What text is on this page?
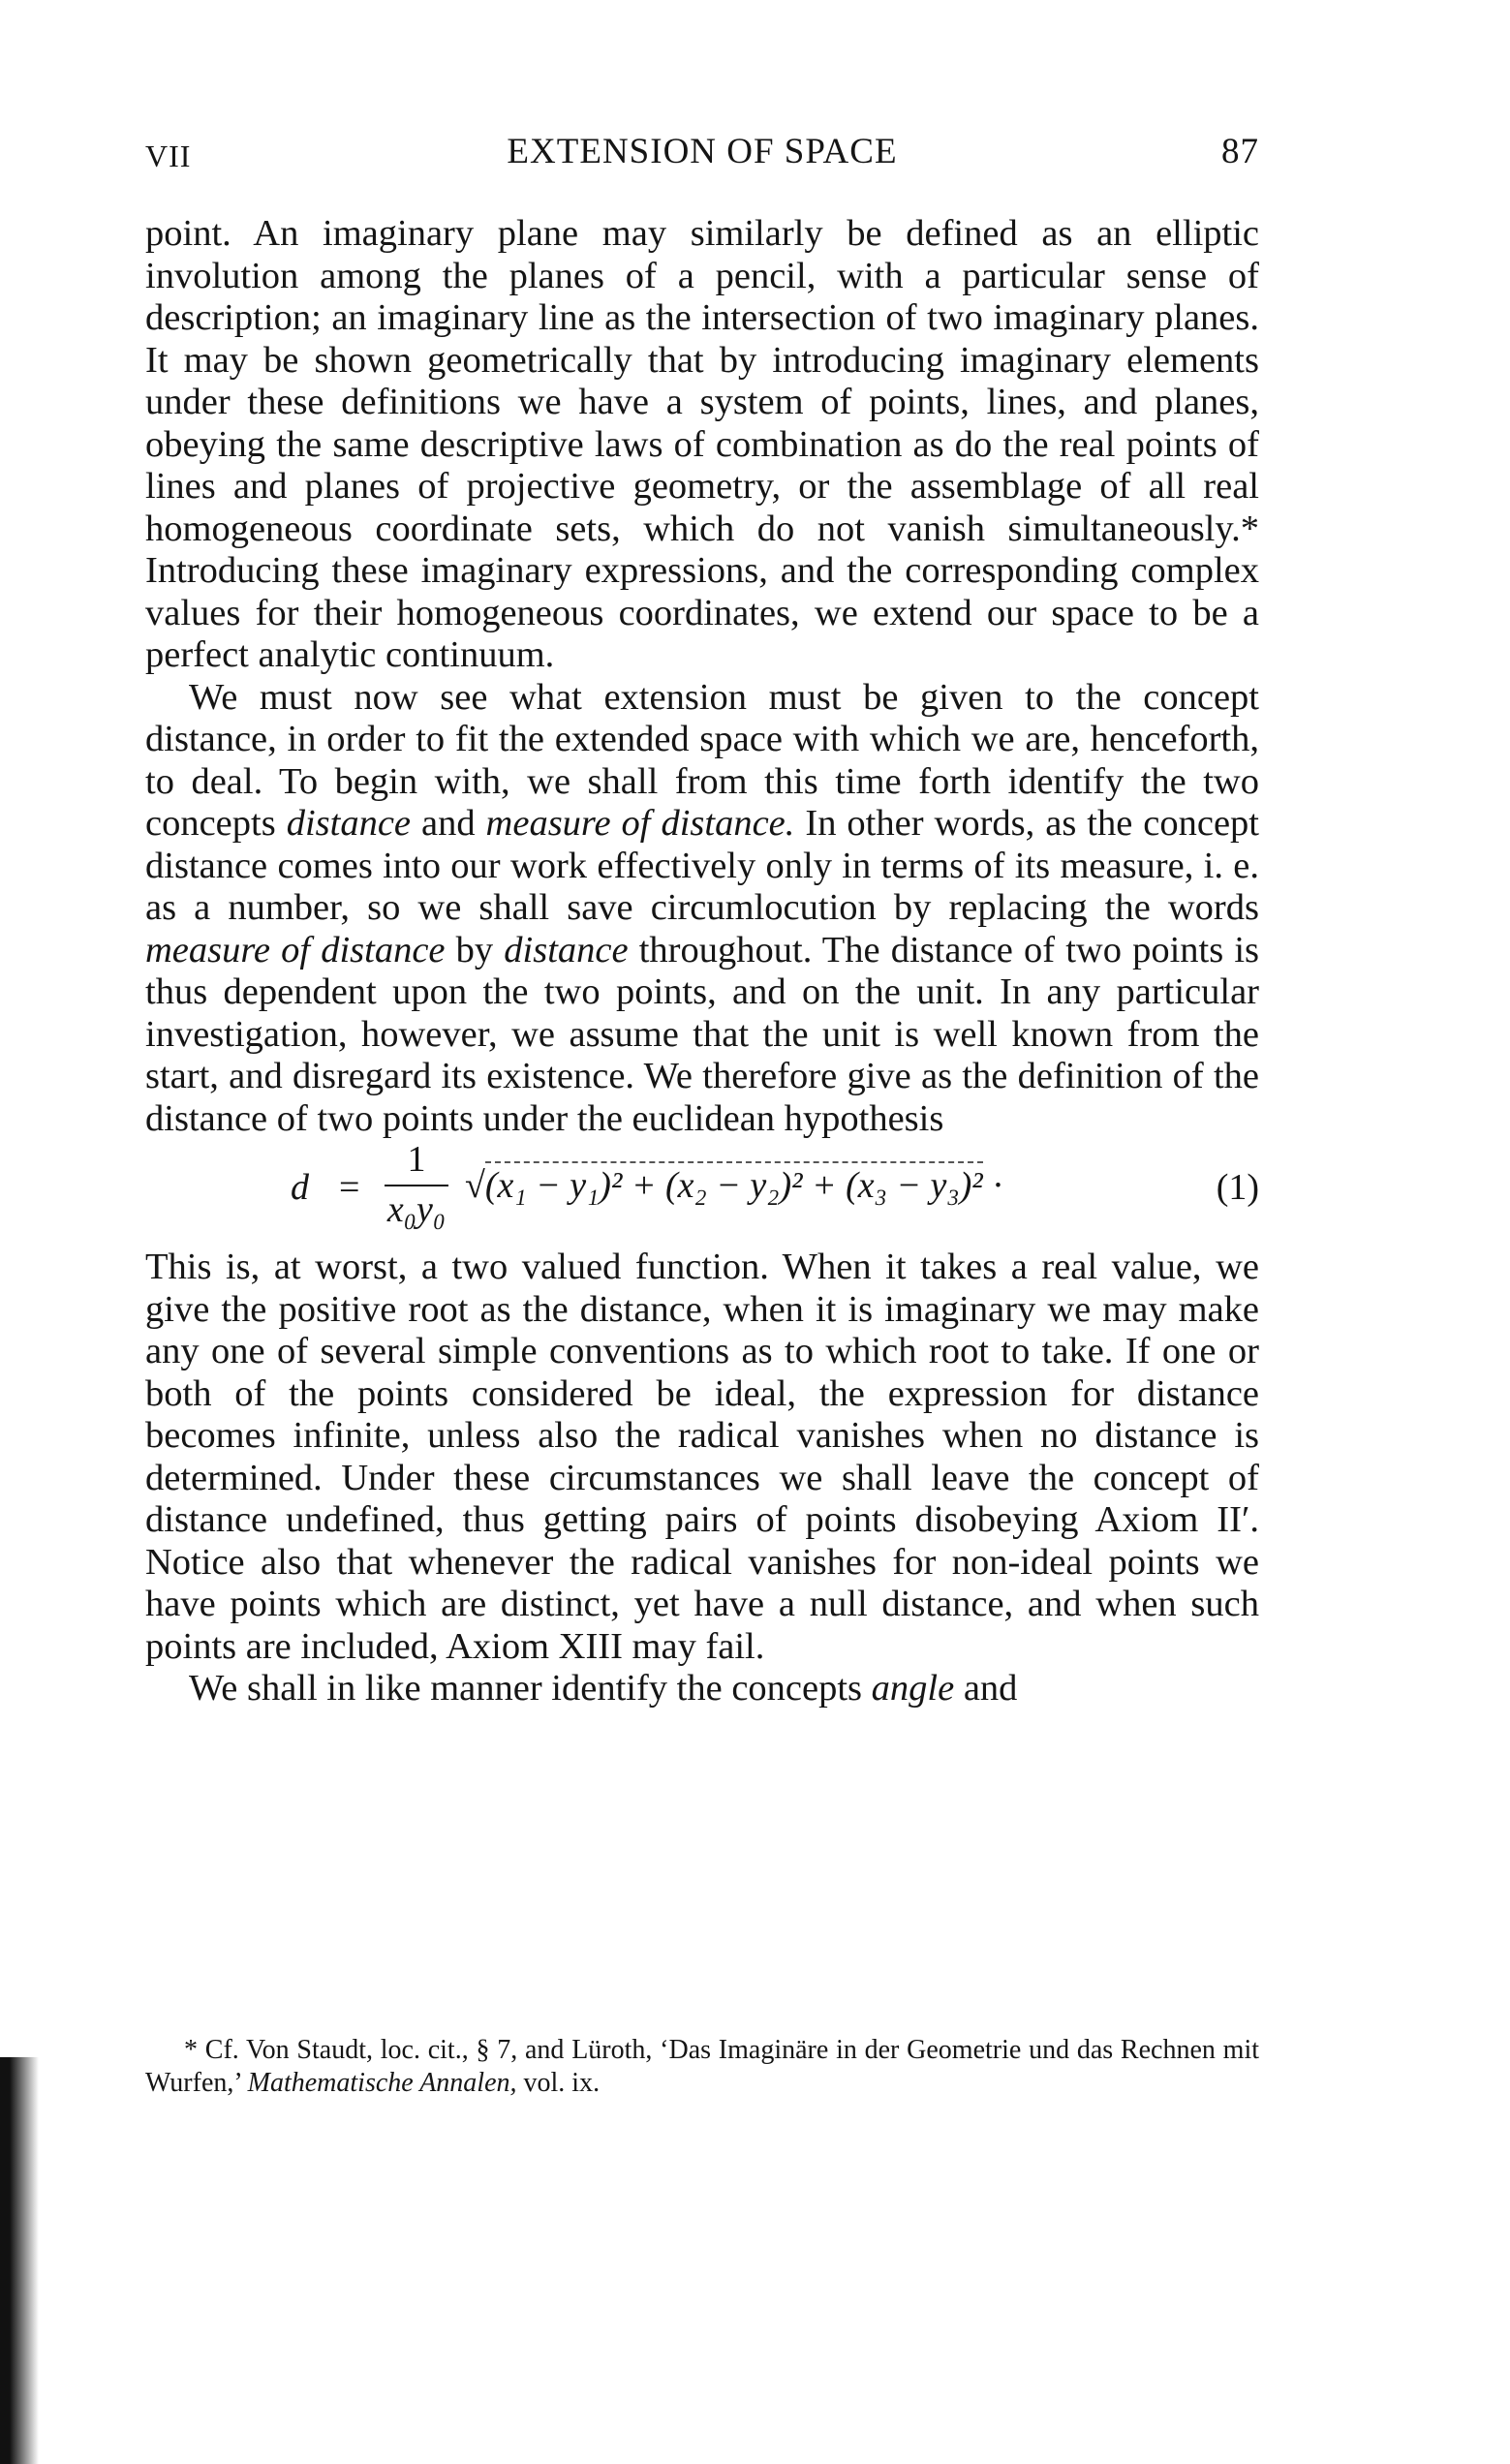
VII	EXTENSION OF SPACE	87

point. An imaginary plane may similarly be defined as an elliptic involution among the planes of a pencil, with a particular sense of description; an imaginary line as the intersection of two imaginary planes. It may be shown geometrically that by introducing imaginary elements under these definitions we have a system of points, lines, and planes, obeying the same descriptive laws of combination as do the real points of lines and planes of projective geometry, or the assemblage of all real homogeneous coordinate sets, which do not vanish simultaneously.* Introducing these imaginary expressions, and the corresponding complex values for their homogeneous coordinates, we extend our space to be a perfect analytic continuum.

We must now see what extension must be given to the concept distance, in order to fit the extended space with which we are, henceforth, to deal. To begin with, we shall from this time forth identify the two concepts distance and measure of distance. In other words, as the concept distance comes into our work effectively only in terms of its measure, i. e. as a number, so we shall save circumlocution by replacing the words measure of distance by distance throughout. The distance of two points is thus dependent upon the two points, and on the unit. In any particular investigation, however, we assume that the unit is well known from the start, and disregard its existence. We therefore give as the definition of the distance of two points under the euclidean hypothesis

d =
1
x₀y₀
√(x₁ − y₁)² + (x₂ − y₂)² + (x₃ − y₃)² ·	(1)

This is, at worst, a two valued function. When it takes a real value, we give the positive root as the distance, when it is imaginary we may make any one of several simple conventions as to which root to take. If one or both of the points considered be ideal, the expression for distance becomes infinite, unless also the radical vanishes when no distance is determined. Under these circumstances we shall leave the concept of distance undefined, thus getting pairs of points disobeying Axiom II′. Notice also that whenever the radical vanishes for non-ideal points we have points which are distinct, yet have a null distance, and when such points are included, Axiom XIII may fail.

We shall in like manner identify the concepts angle and

* Cf. Von Staudt, loc. cit., § 7, and Lüroth, ‘Das Imaginäre in der Geometrie und das Rechnen mit Wurfen,’ Mathematische Annalen, vol. ix.
